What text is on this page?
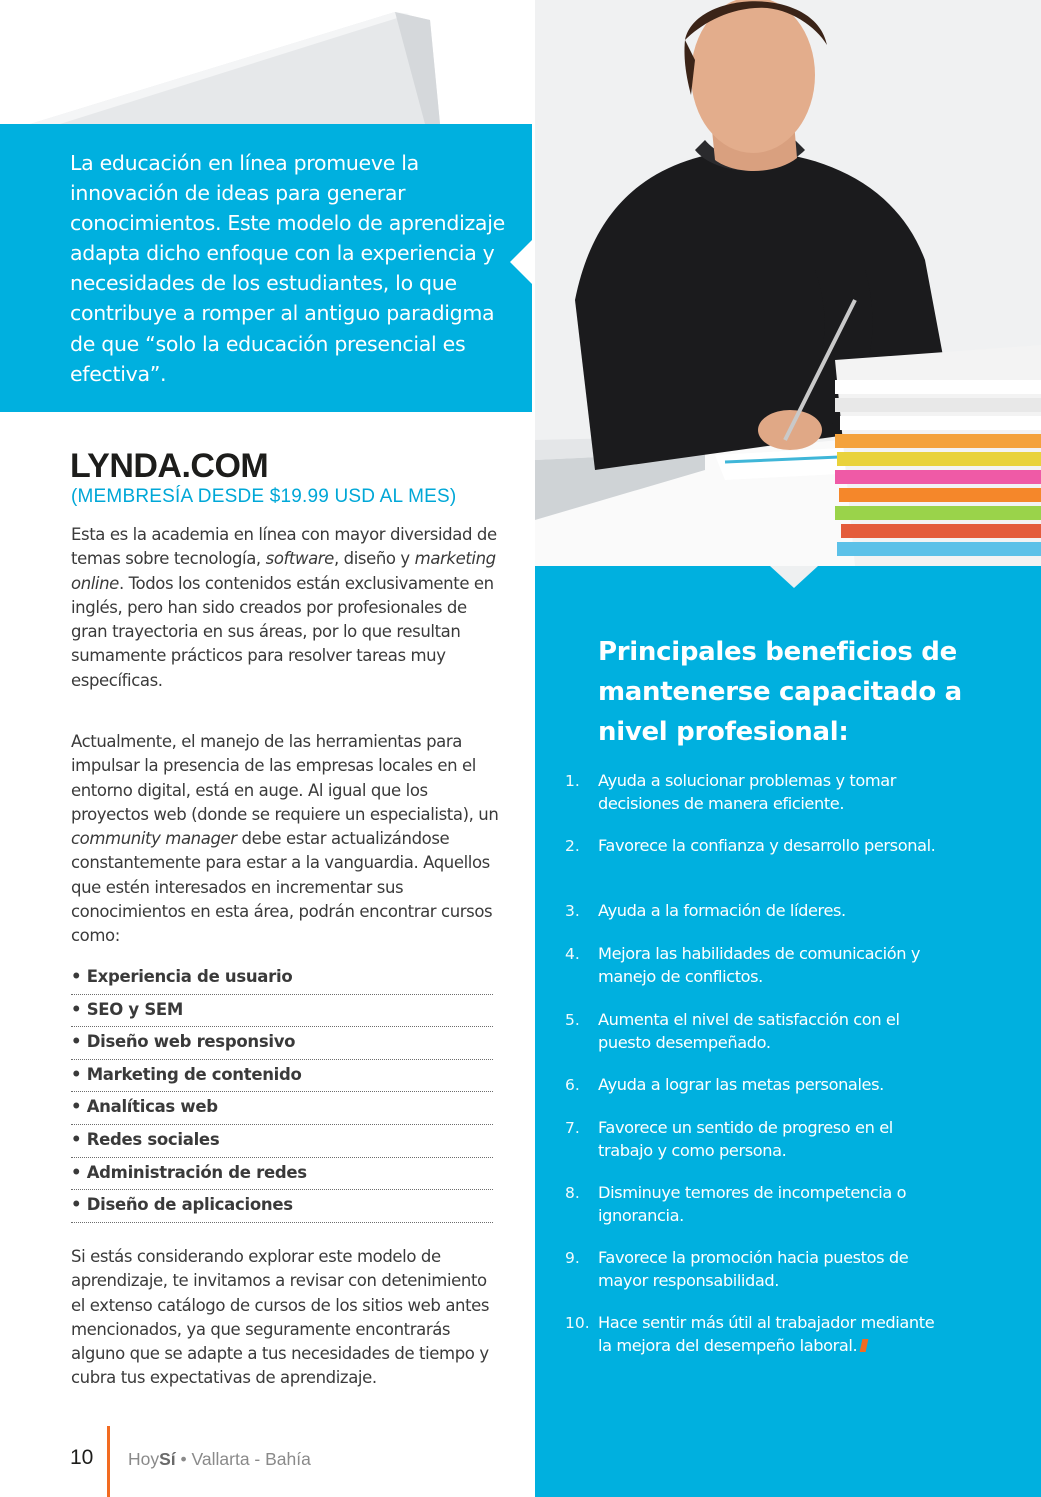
La educación en línea promueve la innovación de ideas para generar conocimientos. Este modelo de aprendizaje adapta dicho enfoque con la experiencia y necesidades de los estudiantes, lo que contribuye a romper al antiguo paradigma de que “solo la educación presencial es efectiva”.

LYNDA.COM

(MEMBRESÍA DESDE $19.99 USD AL MES)

Esta es la academia en línea con mayor diversidad de temas sobre tecnología, software, diseño y marketing online. Todos los contenidos están exclusivamente en inglés, pero han sido creados por profesionales de gran trayectoria en sus áreas, por lo que resultan sumamente prácticos para resolver tareas muy específicas.

Actualmente, el manejo de las herramientas para impulsar la presencia de las empresas locales en el entorno digital, está en auge. Al igual que los proyectos web (donde se requiere un especialista), un community manager debe estar actualizándose constantemente para estar a la vanguardia. Aquellos que estén interesados en incrementar sus conocimientos en esta área, podrán encontrar cursos como:

• Experiencia de usuario
• SEO y SEM
• Diseño web responsivo
• Marketing de contenido
• Analíticas web
• Redes sociales
• Administración de redes
• Diseño de aplicaciones

Si estás considerando explorar este modelo de aprendizaje, te invitamos a revisar con detenimiento el extenso catálogo de cursos de los sitios web antes mencionados, ya que seguramente encontrarás alguno que se adapte a tus necesidades de tiempo y cubra tus expectativas de aprendizaje.

Principales beneficios de mantenerse capacitado a nivel profesional:
1.	Ayuda a solucionar problemas y tomar decisiones de manera eficiente.
2.	Favorece la confianza y desarrollo personal.
3.	Ayuda a la formación de líderes.
4.	Mejora las habilidades de comunicación y manejo de conflictos.
5.	Aumenta el nivel de satisfacción con el puesto desempeñado.
6.	Ayuda a lograr las metas personales.
7.	Favorece un sentido de progreso en el trabajo y como persona.
8.	Disminuye temores de incompetencia o ignorancia.
9.	Favorece la promoción hacia puestos de mayor responsabilidad.
10. Hace sentir más útil al trabajador mediante la mejora del desempeño laboral.

10 HoySí • Vallarta - Bahía
